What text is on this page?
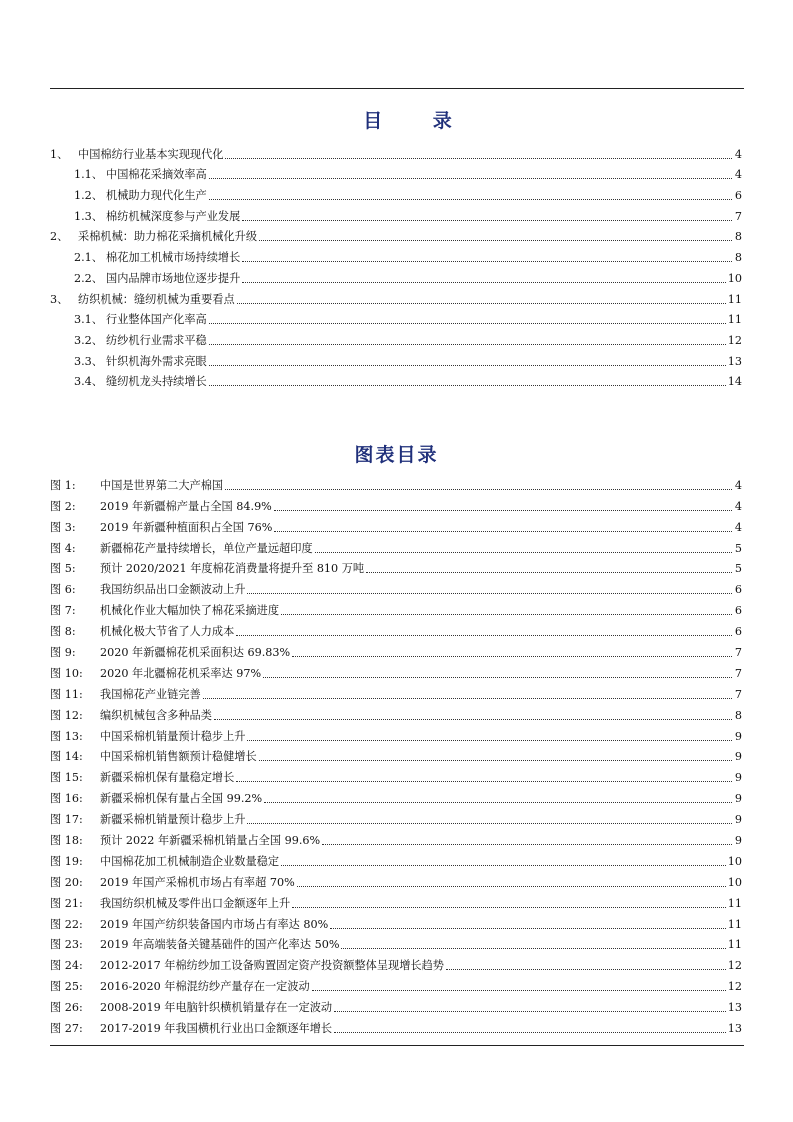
目 录
1、 中国棉纺行业基本实现现代化	4
1.1、 中国棉花采摘效率高	4
1.2、 机械助力现代化生产	6
1.3、 棉纺机械深度参与产业发展	7
2、 采棉机械：助力棉花采摘机械化升级	8
2.1、 棉花加工机械市场持续增长	8
2.2、 国内品牌市场地位逐步提升	10
3、 纺织机械：缝纫机械为重要看点	11
3.1、 行业整体国产化率高	11
3.2、 纺纱机行业需求平稳	12
3.3、 针织机海外需求亮眼	13
3.4、 缝纫机龙头持续增长	14
图表目录
图 1:	中国是世界第二大产棉国	4
图 2:	2019 年新疆棉产量占全国 84.9%	4
图 3:	2019 年新疆种植面积占全国 76%	4
图 4:	新疆棉花产量持续增长，单位产量远超印度	5
图 5:	预计 2020/2021 年度棉花消费量将提升至 810 万吨	5
图 6:	我国纺织品出口金额波动上升	6
图 7:	机械化作业大幅加快了棉花采摘进度	6
图 8:	机械化极大节省了人力成本	6
图 9:	2020 年新疆棉花机采面积达 69.83%	7
图 10:	2020 年北疆棉花机采率达 97%	7
图 11:	我国棉花产业链完善	7
图 12:	编织机械包含多种品类	8
图 13:	中国采棉机销量预计稳步上升	9
图 14:	中国采棉机销售额预计稳健增长	9
图 15:	新疆采棉机保有量稳定增长	9
图 16:	新疆采棉机保有量占全国 99.2%	9
图 17:	新疆采棉机销量预计稳步上升	9
图 18:	预计 2022 年新疆采棉机销量占全国 99.6%	9
图 19:	中国棉花加工机械制造企业数量稳定	10
图 20:	2019 年国产采棉机市场占有率超 70%	10
图 21:	我国纺织机械及零件出口金额逐年上升	11
图 22:	2019 年国产纺织装备国内市场占有率达 80%	11
图 23:	2019 年高端装备关键基础件的国产化率达 50%	11
图 24:	2012-2017 年棉纺纱加工设备购置固定资产投资额整体呈现增长趋势	12
图 25:	2016-2020 年棉混纺纱产量存在一定波动	12
图 26:	2008-2019 年电脑针织横机销量存在一定波动	13
图 27:	2017-2019 年我国横机行业出口金额逐年增长	13
